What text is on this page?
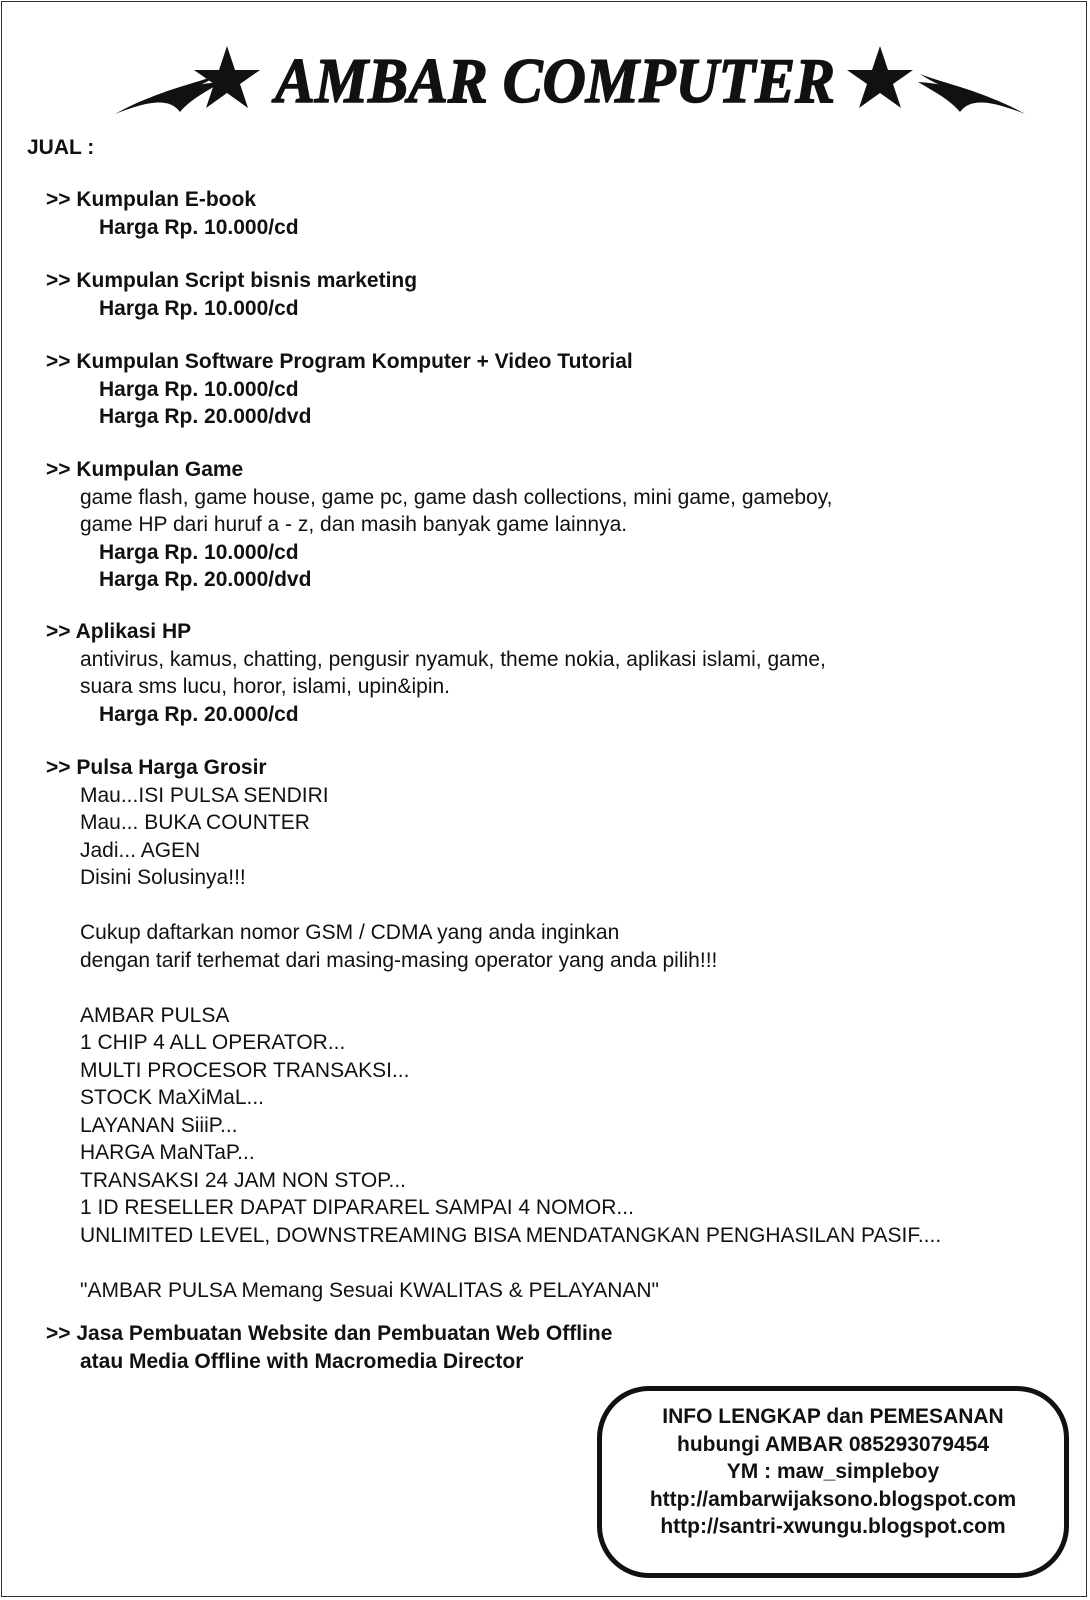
AMBAR COMPUTER
JUAL :
>> Kumpulan E-book
Harga Rp. 10.000/cd
>> Kumpulan Script bisnis marketing
Harga Rp. 10.000/cd
>> Kumpulan Software Program Komputer + Video Tutorial
Harga Rp. 10.000/cd
Harga Rp. 20.000/dvd
>> Kumpulan Game
game flash, game house, game pc, game dash collections, mini game, gameboy,
game HP dari huruf a - z, dan masih banyak game lainnya.
Harga Rp. 10.000/cd
Harga Rp. 20.000/dvd
>> Aplikasi HP
antivirus, kamus, chatting, pengusir nyamuk, theme nokia, aplikasi islami, game,
suara sms lucu, horor, islami, upin&ipin.
Harga Rp. 20.000/cd
>> Pulsa Harga Grosir
Mau...ISI PULSA SENDIRI
Mau... BUKA COUNTER
Jadi... AGEN
Disini Solusinya!!!
Cukup daftarkan nomor GSM / CDMA yang anda inginkan
dengan tarif terhemat dari masing-masing operator yang anda pilih!!!
AMBAR PULSA
1 CHIP 4 ALL OPERATOR...
MULTI PROCESOR TRANSAKSI...
STOCK MaXiMaL...
LAYANAN SiiiP...
HARGA MaNTaP...
TRANSAKSI 24 JAM NON STOP...
1 ID RESELLER DAPAT DIPARAREL SAMPAI 4 NOMOR...
UNLIMITED LEVEL, DOWNSTREAMING BISA MENDATANGKAN PENGHASILAN PASIF....
"AMBAR PULSA Memang Sesuai KWALITAS & PELAYANAN"
>> Jasa Pembuatan Website dan Pembuatan Web Offline
atau Media Offline with Macromedia Director
INFO LENGKAP dan PEMESANAN
hubungi AMBAR 085293079454
YM : maw_simpleboy
http://ambarwijaksono.blogspot.com
http://santri-xwungu.blogspot.com
